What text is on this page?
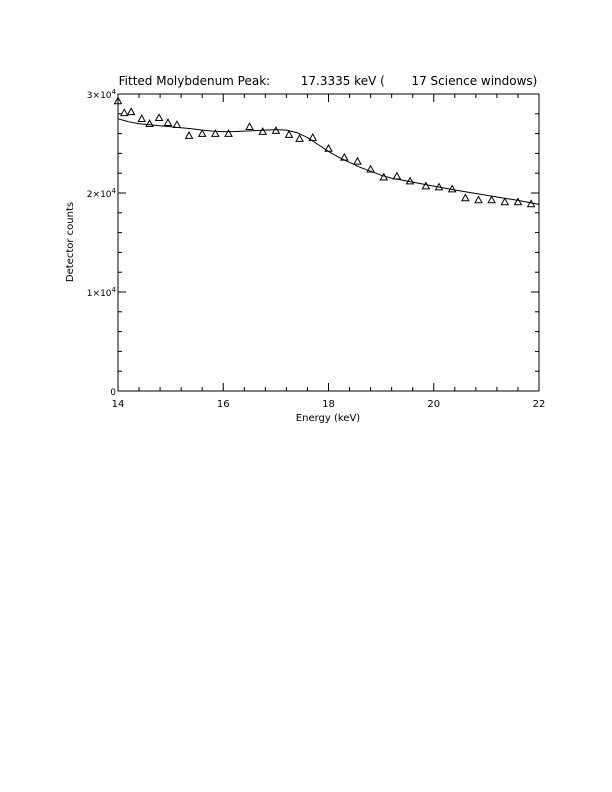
Fitted Molybdenum Peak:        17.3335 keV (       17 Science windows)
14	16	18	20	22
0
$1\times 10^4$
$2\times 10^4$
$3\times 10^4$
Energy (keV)
Detector counts
